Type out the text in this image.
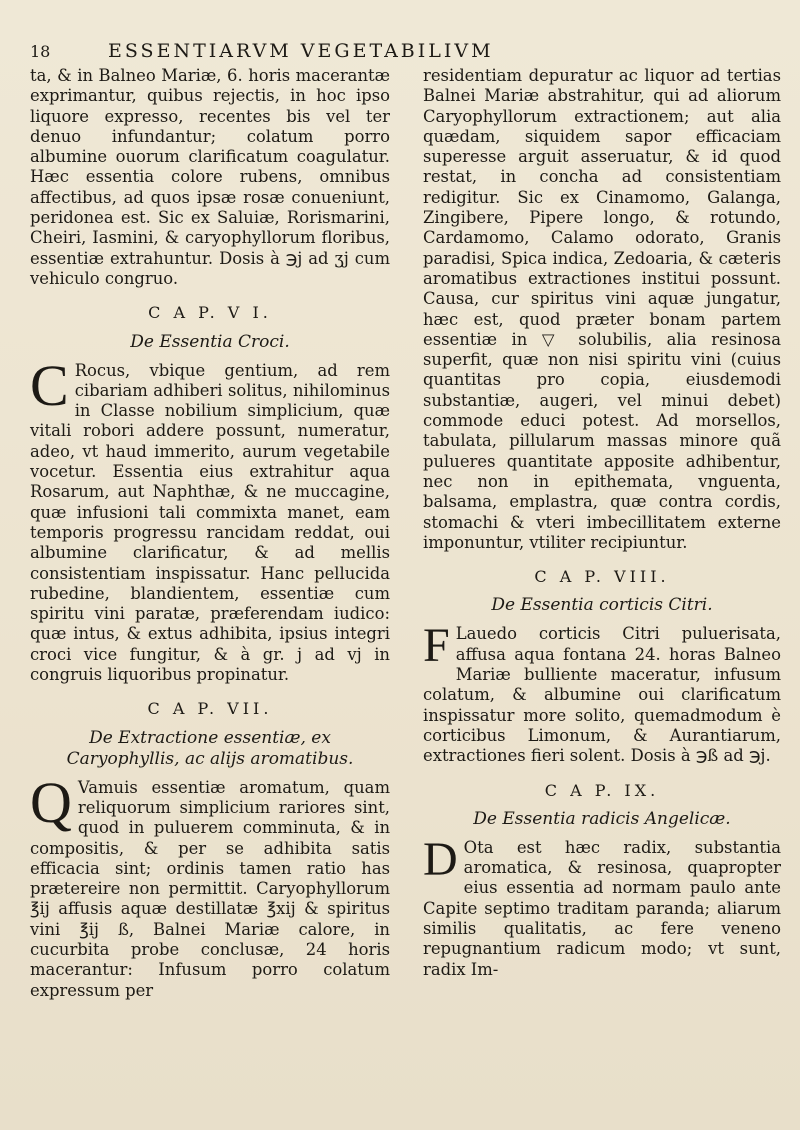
18	ESSENTIARVM VEGETABILIVM

ta, & in Balneo Mariæ, 6. horis macerantæ exprimantur, quibus rejectis, in hoc ipso liquore expresso, recentes bis vel ter denuo infundantur; colatum porro albumine ouorum clarificatum coagulatur. Hæc essentia colore rubens, omnibus affectibus, ad quos ipsæ rosæ conueniunt, peridonea est. Sic ex Saluiæ, Rorismarini, Cheiri, Iasmini, & caryophyllorum floribus, essentiæ extrahuntur. Dosis à ℈j ad ʒj cum vehiculo congruo.

C A P. V I.
De Essentia Croci.

C Rocus, vbique gentium, ad rem cibariam adhiberi solitus, nihilominus in Classe nobilium simplicium, quæ vitali robori addere possunt, numeratur, adeo, vt haud immerito, aurum vegetabile vocetur. Essentia eius extrahitur aqua Rosarum, aut Naphthæ, & ne muccagine, quæ infusioni tali commixta manet, eam temporis progressu rancidam reddat, oui albumine clarificatur, & ad mellis consistentiam inspissatur. Hanc pellucida rubedine, blandientem, essentiæ cum spiritu vini paratæ, præferendam iudico: quæ intus, & extus adhibita, ipsius integri croci vice fungitur, & à gr. j ad vj in congruis liquoribus propinatur.

C A P. VII.
De Extractione essentiæ, ex Caryophyllis, ac alijs aromatibus.

Q Vamuis essentiæ aromatum, quam reliquorum simplicium rariores sint, quod in puluerem comminuta, & in compositis, & per se adhibita satis efficacia sint; ordinis tamen ratio has prætereire non permittit. Caryophyllorum ℥ij affusis aquæ destillatæ ℥xij & spiritus vini ℥ij ß, Balnei Mariæ calore, in cucurbita probe conclusæ, 24 horis macerantur: Infusum porro colatum expressum per

residentiam depuratur ac liquor ad tertias Balnei Mariæ abstrahitur, qui ad aliorum Caryophyllorum extractionem; aut alia quædam, siquidem sapor efficaciam superesse arguit asseruatur, & id quod restat, in concha ad consistentiam redigitur. Sic ex Cinamomo, Galanga, Zingibere, Pipere longo, & rotundo, Cardamomo, Calamo odorato, Granis paradisi, Spica indica, Zedoaria, & cæteris aromatibus extractiones institui possunt. Causa, cur spiritus vini aquæ jungatur, hæc est, quod præter bonam partem essentiæ in ▽ solubilis, alia resinosa superfit, quæ non nisi spiritu vini (cuius quantitas pro copia, eiusdemodi substantiæ, augeri, vel minui debet) commode educi potest. Ad morsellos, tabulata, pillularum massas minore quã pulueres quantitate apposite adhibentur, nec non in epithemata, vnguenta, balsama, emplastra, quæ contra cordis, stomachi & vteri imbecillitatem externe imponuntur, vtiliter recipiuntur.

C A P. VIII.
De Essentia corticis Citri.

F Lauedo corticis Citri puluerisata, affusa aqua fontana 24. horas Balneo Mariæ bulliente maceratur, infusum colatum, & albumine oui clarificatum inspissatur more solito, quemadmodum è corticibus Limonum, & Aurantiarum, extractiones fieri solent. Dosis à ℈ß ad ℈j.

C A P. IX.
De Essentia radicis Angelicæ.

D Ota est hæc radix, substantia aromatica, & resinosa, quapropter eius essentia ad normam paulo ante Capite septimo traditam paranda; aliarum similis qualitatis, ac fere veneno repugnantium radicum modo; vt sunt, radix Im-
